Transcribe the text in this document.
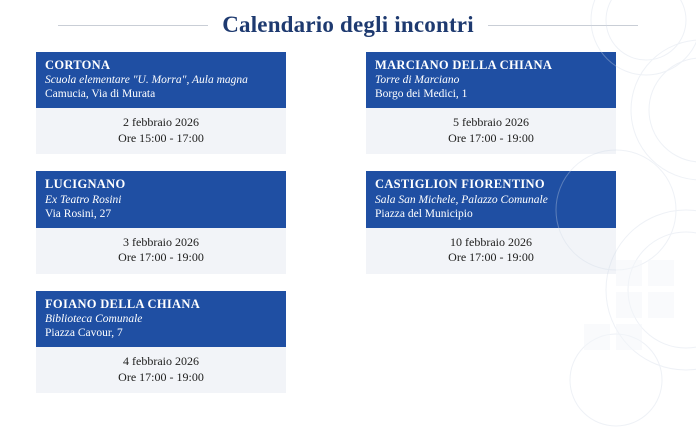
Calendario degli incontri
CORTONA
Scuola elementare "U. Morra", Aula magna
Camucia, Via di Murata
2 febbraio 2026
Ore 15:00 - 17:00
LUCIGNANO
Ex Teatro Rosini
Via Rosini, 27
3 febbraio 2026
Ore 17:00 - 19:00
FOIANO DELLA CHIANA
Biblioteca Comunale
Piazza Cavour, 7
4 febbraio 2026
Ore 17:00 - 19:00
MARCIANO DELLA CHIANA
Torre di Marciano
Borgo dei Medici, 1
5 febbraio 2026
Ore 17:00 - 19:00
CASTIGLION FIORENTINO
Sala San Michele, Palazzo Comunale
Piazza del Municipio
10 febbraio 2026
Ore 17:00 - 19:00
